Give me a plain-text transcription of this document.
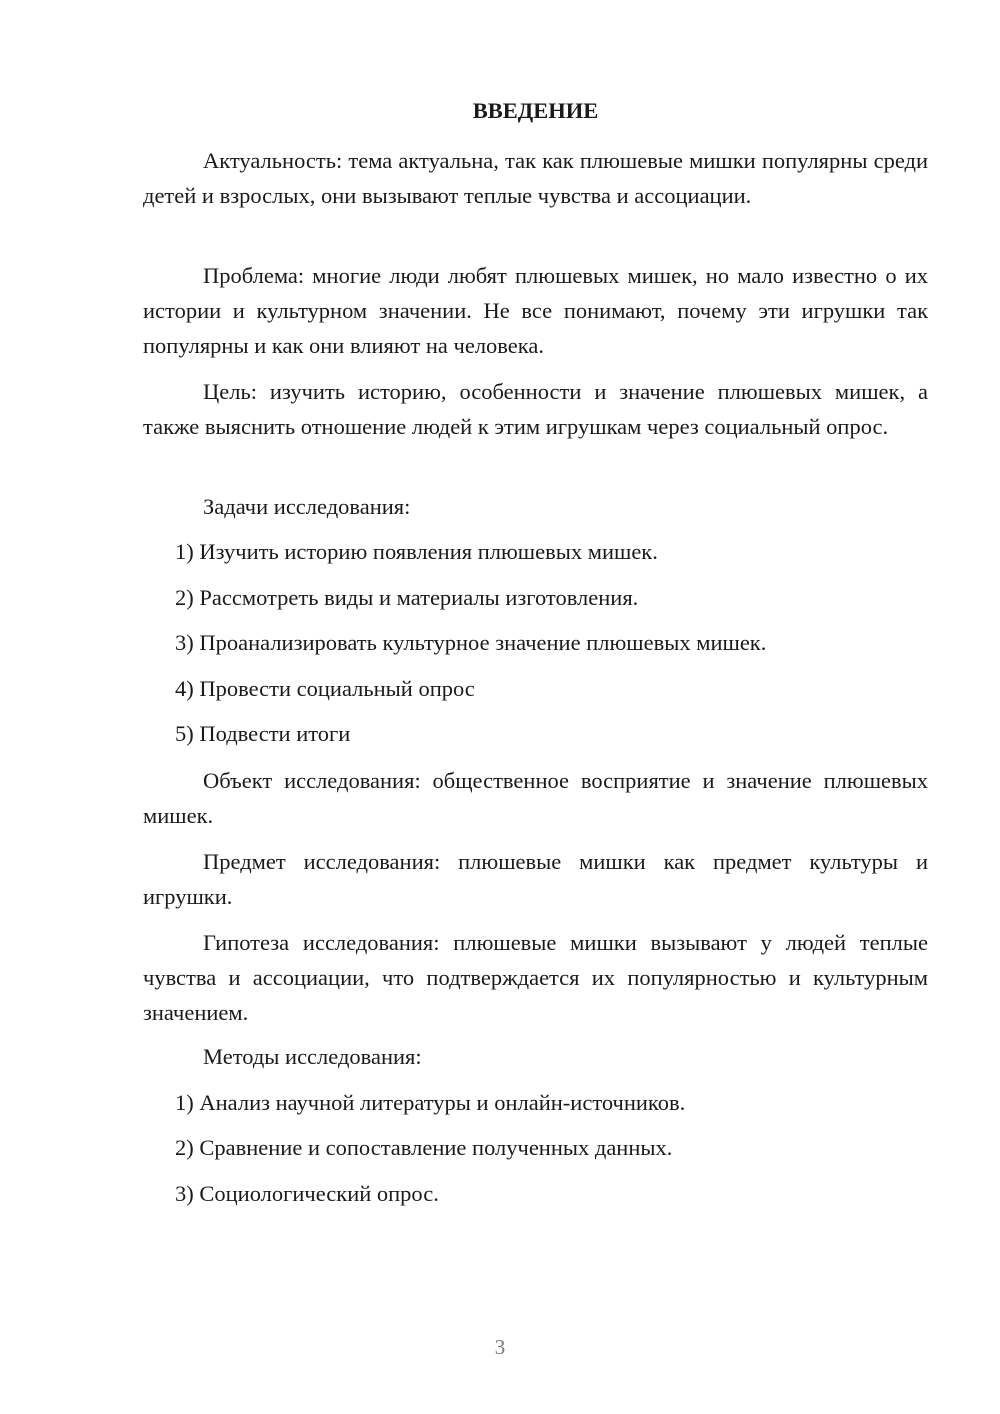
ВВЕДЕНИЕ

Актуальность: тема актуальна, так как плюшевые мишки популярны среди детей и взрослых, они вызывают теплые чувства и ассоциации.

Проблема: многие люди любят плюшевых мишек, но мало известно о их истории и культурном значении. Не все понимают, почему эти игрушки так популярны и как они влияют на человека.

Цель: изучить историю, особенности и значение плюшевых мишек, а также выяснить отношение людей к этим игрушкам через социальный опрос.

Задачи исследования:

1) Изучить историю появления плюшевых мишек.

2) Рассмотреть виды и материалы изготовления.

3) Проанализировать культурное значение плюшевых мишек.

4) Провести социальный опрос

5) Подвести итоги

Объект исследования: общественное восприятие и значение плюшевых мишек.

Предмет исследования: плюшевые мишки как предмет культуры и игрушки.

Гипотеза исследования: плюшевые мишки вызывают у людей теплые чувства и ассоциации, что подтверждается их популярностью и культурным значением.

Методы исследования:

1) Анализ научной литературы и онлайн-источников.

2) Сравнение и сопоставление полученных данных.

3) Социологический опрос.

3
